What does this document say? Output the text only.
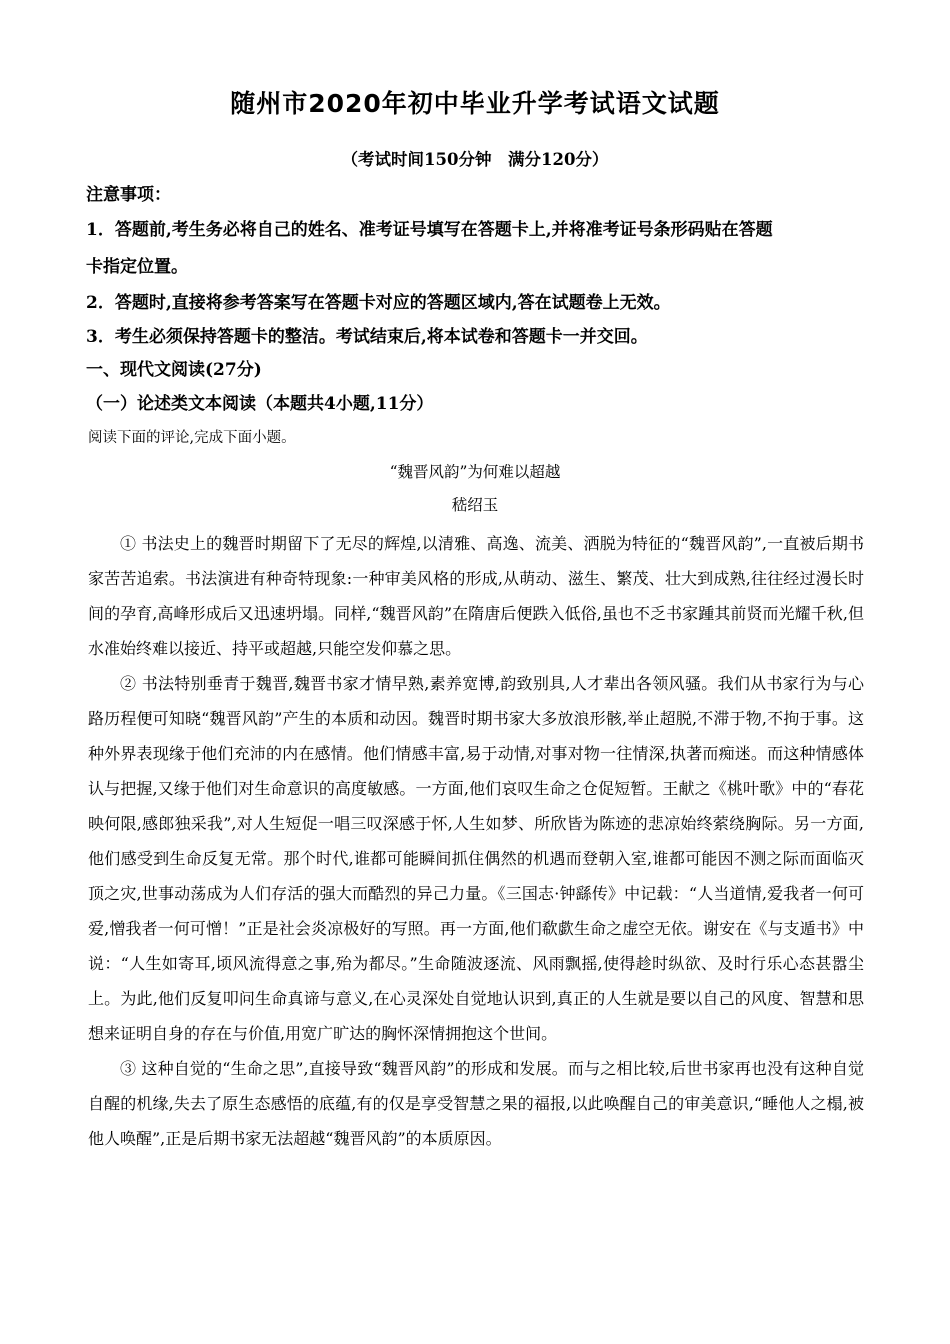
随州市2020年初中毕业升学考试语文试题
（考试时间150分钟　满分120分）
注意事项：
1．答题前,考生务必将自己的姓名、准考证号填写在答题卡上,并将准考证号条形码贴在答题
卡指定位置。
2．答题时,直接将参考答案写在答题卡对应的答题区域内,答在试题卷上无效。
3．考生必须保持答题卡的整洁。考试结束后,将本试卷和答题卡一并交回。
一、现代文阅读(27分)
（一）论述类文本阅读（本题共4小题,11分）
阅读下面的评论,完成下面小题。
“魏晋风韵”为何难以超越
嵇绍玉

① 书法史上的魏晋时期留下了无尽的辉煌,以清雅、高逸、流美、洒脱为特征的“魏晋风韵”,一直被后期书家苦苦追索。书法演进有种奇特现象:一种审美风格的形成,从萌动、滋生、繁茂、壮大到成熟,往往经过漫长时间的孕育,高峰形成后又迅速坍塌。同样,“魏晋风韵”在隋唐后便跌入低俗,虽也不乏书家踵其前贤而光耀千秋,但水准始终难以接近、持平或超越,只能空发仰慕之思。

② 书法特别垂青于魏晋,魏晋书家才情早熟,素养宽博,韵致别具,人才辈出各领风骚。我们从书家行为与心路历程便可知晓“魏晋风韵”产生的本质和动因。魏晋时期书家大多放浪形骸,举止超脱,不滞于物,不拘于事。这种外界表现缘于他们充沛的内在感情。他们情感丰富,易于动情,对事对物一往情深,执著而痴迷。而这种情感体认与把握,又缘于他们对生命意识的高度敏感。一方面,他们哀叹生命之仓促短暂。王献之《桃叶歌》中的“春花映何限,感郎独采我”,对人生短促一唱三叹深感于怀,人生如梦、所欣皆为陈迹的悲凉始终萦绕胸际。另一方面,他们感受到生命反复无常。那个时代,谁都可能瞬间抓住偶然的机遇而登朝入室,谁都可能因不测之际而面临灭顶之灾,世事动荡成为人们存活的强大而酷烈的异己力量。《三国志·钟繇传》中记载：“人当道情,爱我者一何可爱,憎我者一何可憎！”正是社会炎凉极好的写照。再一方面,他们欷歔生命之虚空无依。谢安在《与支遁书》中说：“人生如寄耳,顷风流得意之事,殆为都尽。”生命随波逐流、风雨飘摇,使得趁时纵欲、及时行乐心态甚嚣尘上。为此,他们反复叩问生命真谛与意义,在心灵深处自觉地认识到,真正的人生就是要以自己的风度、智慧和思想来证明自身的存在与价值,用宽广旷达的胸怀深情拥抱这个世间。

③ 这种自觉的“生命之思”,直接导致“魏晋风韵”的形成和发展。而与之相比较,后世书家再也没有这种自觉自醒的机缘,失去了原生态感悟的底蕴,有的仅是享受智慧之果的福报,以此唤醒自己的审美意识,“睡他人之榻,被他人唤醒”,正是后期书家无法超越“魏晋风韵”的本质原因。
